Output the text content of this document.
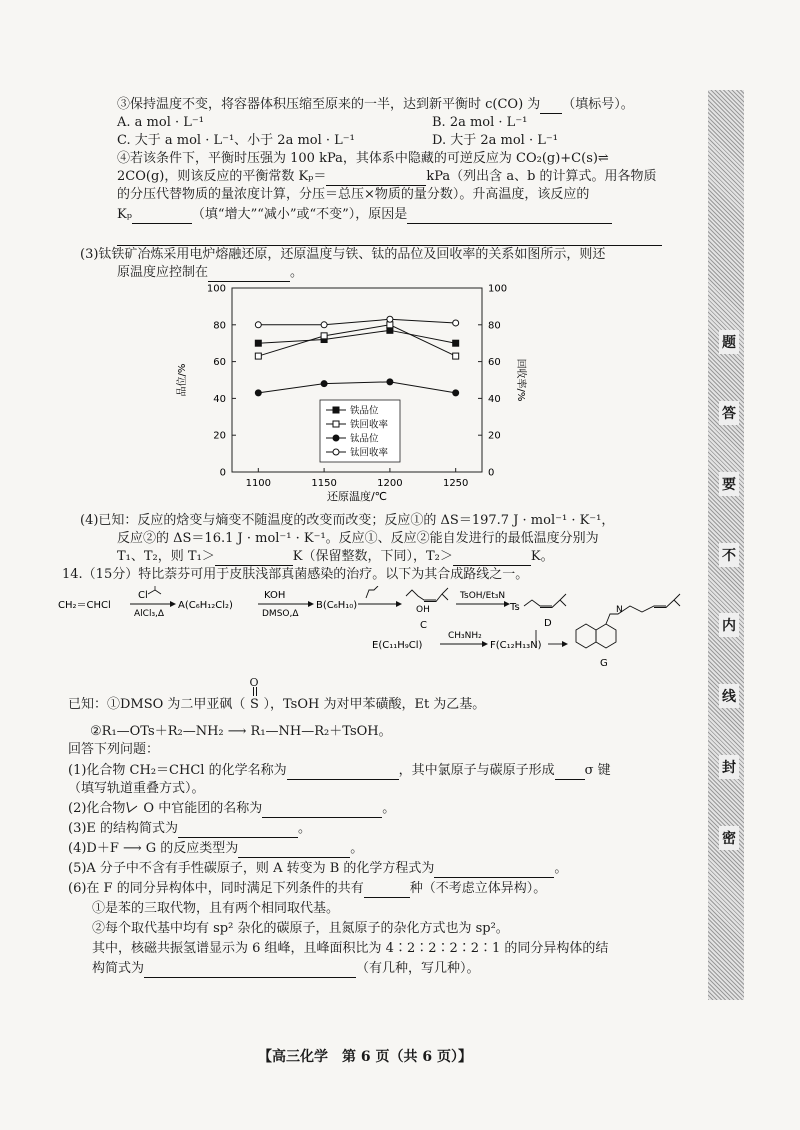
③保持温度不变，将容器体积压缩至原来的一半，达到新平衡时 c(CO) 为 （填标号）。
A. a mol · L⁻¹	B. 2a mol · L⁻¹
C. 大于 a mol · L⁻¹、小于 2a mol · L⁻¹	D. 大于 2a mol · L⁻¹
④若该条件下，平衡时压强为 100 kPa，其体系中隐藏的可逆反应为 CO₂(g)+C(s)⇌
2CO(g)，则该反应的平衡常数 Kₚ＝	kPa（列出含 a、b 的计算式。用各物质
的分压代替物质的量浓度计算，分压＝总压×物质的量分数）。升高温度，该反应的
Kₚ	（填“增大”“减小”或“不变”），原因是
(3)钛铁矿冶炼采用电炉熔融还原，还原温度与铁、钛的品位及回收率的关系如图所示，则还
原温度应控制在	。
0
20
40
60
80
100
0
20
40
60
80
100
1100	1150	1200	1250
品位/%	回收率/%
还原温度/℃
铁品位
铁回收率
钛品位
钛回收率
(4)已知：反应的焓变与熵变不随温度的改变而改变；反应①的 ΔS＝197.7 J · mol⁻¹ · K⁻¹，
反应②的 ΔS＝16.1 J · mol⁻¹ · K⁻¹。反应①、反应②能自发进行的最低温度分别为
T₁、T₂，则 T₁＞	K（保留整数，下同），T₂＞	K。
14.（15分）特比萘芬可用于皮肤浅部真菌感染的治疗。以下为其合成路线之一。
CH₂＝CHCl
Cl
AlCl₃,Δ
A(C₆H₁₂Cl₂)
KOH
DMSO,Δ
B(C₆H₁₀)	OH
C
TsOH/Et₃N
Ts
D
E(C₁₁H₉Cl)
CH₃NH₂
F(C₁₂H₁₃N)
N
G
已知：①DMSO 为二甲亚砜（
O
S ），TsOH 为对甲苯磺酸，Et 为乙基。
②R₁—OTs＋R₂—NH₂ ⟶ R₁—NH—R₂＋TsOH。
回答下列问题：
(1)化合物 CH₂＝CHCl 的化学名称为	，其中氯原子与碳原子形成 σ 键
（填写轨道重叠方式）。
(2)化合物 O 中官能团的名称为	。
(3)E 的结构简式为	。
(4)D＋F ⟶ G 的反应类型为	。
(5)A 分子中不含有手性碳原子，则 A 转变为 B 的化学方程式为	。
(6)在 F 的同分异构体中，同时满足下列条件的共有	种（不考虑立体异构）。
①是苯的三取代物，且有两个相同取代基。
②每个取代基中均有 sp² 杂化的碳原子，且氮原子的杂化方式也为 sp²。
其中，核磁共振氢谱显示为 6 组峰，且峰面积比为 4∶2∶2∶2∶2∶1 的同分异构体的结
构简式为	（有几种，写几种）。
【高三化学　第 6 页（共 6 页）】
题
答
要
不
内
线
封
密
